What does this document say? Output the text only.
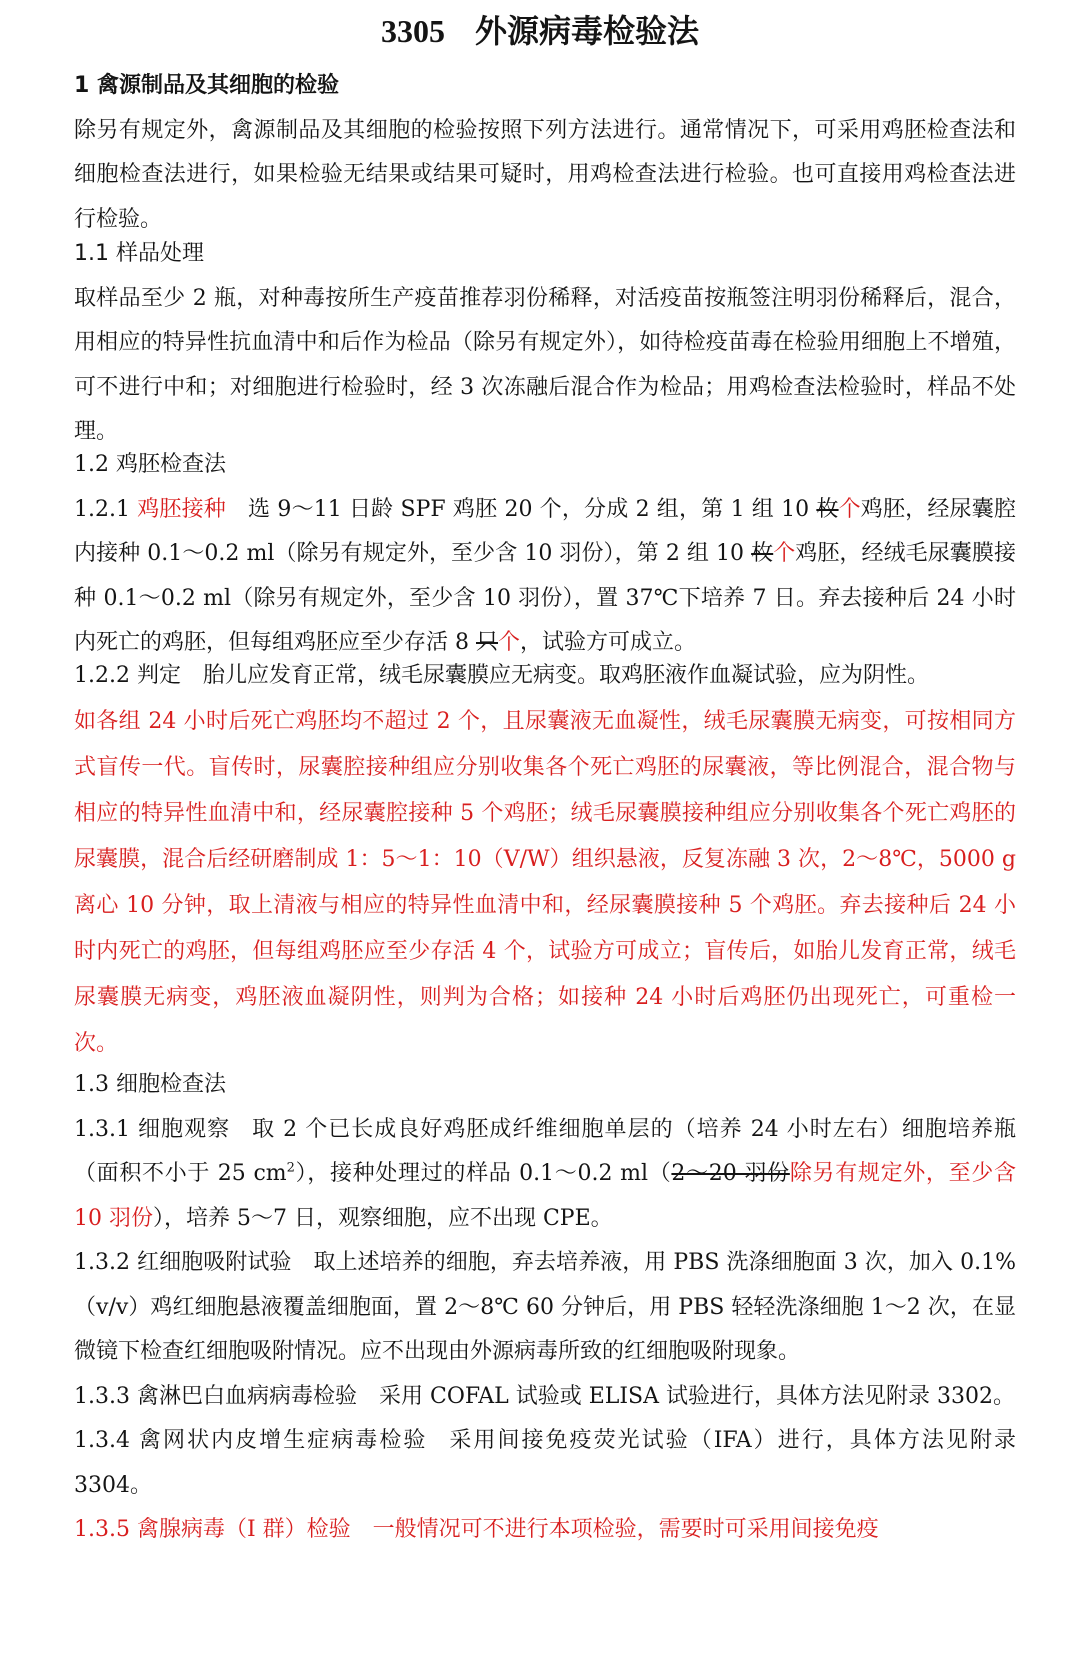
3305 外源病毒检验法
1 禽源制品及其细胞的检验
除另有规定外，禽源制品及其细胞的检验按照下列方法进行。通常情况下，可采用鸡胚检查法和细胞检查法进行，如果检验无结果或结果可疑时，用鸡检查法进行检验。也可直接用鸡检查法进行检验。
1.1 样品处理
取样品至少 2 瓶，对种毒按所生产疫苗推荐羽份稀释，对活疫苗按瓶签注明羽份稀释后，混合，用相应的特异性抗血清中和后作为检品（除另有规定外），如待检疫苗毒在检验用细胞上不增殖，可不进行中和；对细胞进行检验时，经 3 次冻融后混合作为检品；用鸡检查法检验时，样品不处理。
1.2 鸡胚检查法
1.2.1 鸡胚接种 选 9～11 日龄 SPF 鸡胚 20 个，分成 2 组，第 1 组 10 枚个鸡胚，经尿囊腔内接种 0.1～0.2 ml（除另有规定外，至少含 10 羽份），第 2 组 10 枚个鸡胚，经绒毛尿囊膜接种 0.1～0.2 ml（除另有规定外，至少含 10 羽份），置 37℃下培养 7 日。弃去接种后 24 小时内死亡的鸡胚，但每组鸡胚应至少存活 8 只个，试验方可成立。
1.2.2 判定 胎儿应发育正常，绒毛尿囊膜应无病变。取鸡胚液作血凝试验，应为阴性。
如各组 24 小时后死亡鸡胚均不超过 2 个，且尿囊液无血凝性，绒毛尿囊膜无病变，可按相同方式盲传一代。盲传时，尿囊腔接种组应分别收集各个死亡鸡胚的尿囊液，等比例混合，混合物与相应的特异性血清中和，经尿囊腔接种 5 个鸡胚；绒毛尿囊膜接种组应分别收集各个死亡鸡胚的尿囊膜，混合后经研磨制成 1：5～1：10（V/W）组织悬液，反复冻融 3 次，2～8℃，5000 g 离心 10 分钟，取上清液与相应的特异性血清中和，经尿囊膜接种 5 个鸡胚。弃去接种后 24 小时内死亡的鸡胚，但每组鸡胚应至少存活 4 个，试验方可成立；盲传后，如胎儿发育正常，绒毛尿囊膜无病变，鸡胚液血凝阴性，则判为合格；如接种 24 小时后鸡胚仍出现死亡，可重检一次。
1.3 细胞检查法
1.3.1 细胞观察 取 2 个已长成良好鸡胚成纤维细胞单层的（培养 24 小时左右）细胞培养瓶（面积不小于 25 $cm^2$），接种处理过的样品 0.1～0.2 ml（2～20 羽份除另有规定外，至少含 10 羽份），培养 5～7 日，观察细胞，应不出现 CPE。
1.3.2 红细胞吸附试验 取上述培养的细胞，弃去培养液，用 PBS 洗涤细胞面 3 次，加入 0.1%（v/v）鸡红细胞悬液覆盖细胞面，置 2～8℃ 60 分钟后，用 PBS 轻轻洗涤细胞 1～2 次，在显微镜下检查红细胞吸附情况。应不出现由外源病毒所致的红细胞吸附现象。
1.3.3 禽淋巴白血病病毒检验 采用 COFAL 试验或 ELISA 试验进行，具体方法见附录 3302。
1.3.4 禽网状内皮增生症病毒检验 采用间接免疫荧光试验（IFA）进行，具体方法见附录 3304。
1.3.5 禽腺病毒（I 群）检验 一般情况可不进行本项检验，需要时可采用间接免疫
